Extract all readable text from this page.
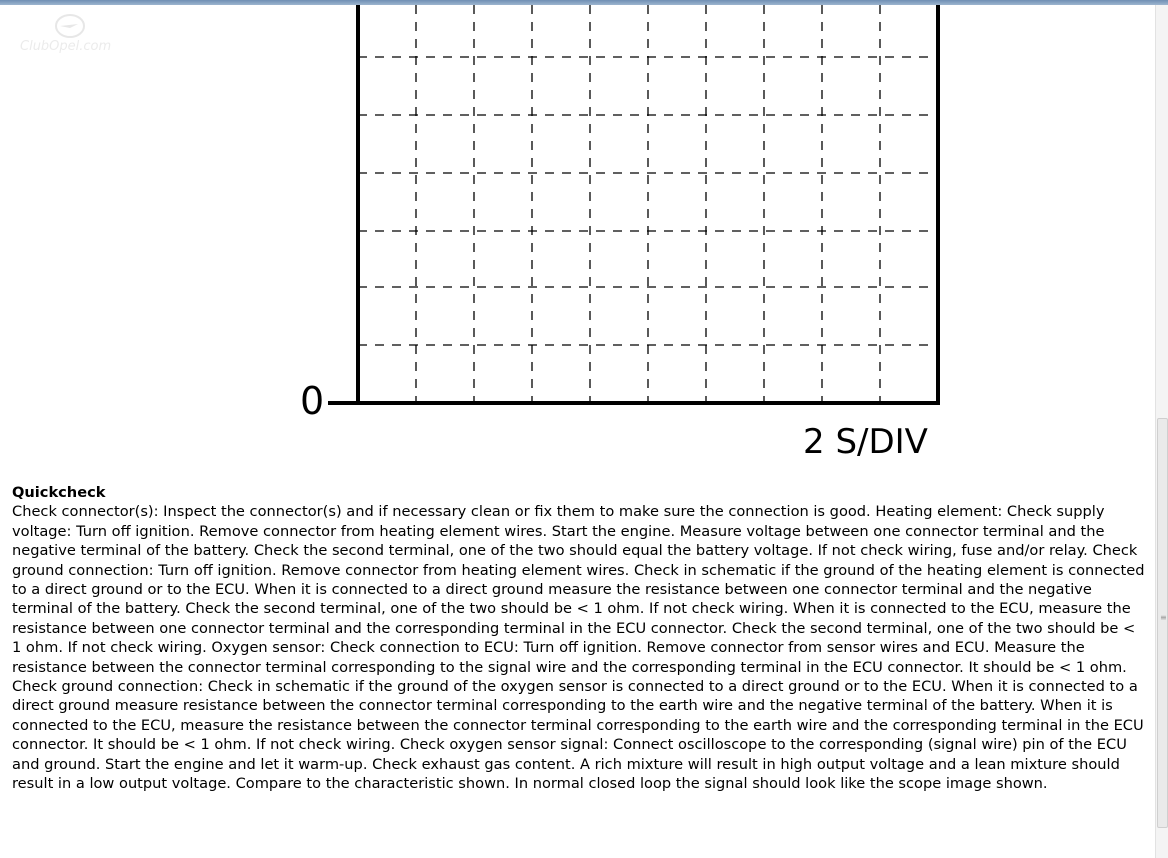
ClubOpel.com
0
2 S/DIV
Quickcheck
Check connector(s): Inspect the connector(s) and if necessary clean or fix them to make sure the connection is good. Heating element: Check supply voltage: Turn off ignition. Remove connector from heating element wires. Start the engine. Measure voltage between one connector terminal and the negative terminal of the battery. Check the second terminal, one of the two should equal the battery voltage. If not check wiring, fuse and/or relay. Check ground connection: Turn off ignition. Remove connector from heating element wires. Check in schematic if the ground of the heating element is connected to a direct ground or to the ECU. When it is connected to a direct ground measure the resistance between one connector terminal and the negative terminal of the battery. Check the second terminal, one of the two should be < 1 ohm. If not check wiring. When it is connected to the ECU, measure the resistance between one connector terminal and the corresponding terminal in the ECU connector. Check the second terminal, one of the two should be < 1 ohm. If not check wiring. Oxygen sensor: Check connection to ECU: Turn off ignition. Remove connector from sensor wires and ECU. Measure the resistance between the connector terminal corresponding to the signal wire and the corresponding terminal in the ECU connector. It should be < 1 ohm. Check ground connection: Check in schematic if the ground of the oxygen sensor is connected to a direct ground or to the ECU. When it is connected to a direct ground measure resistance between the connector terminal corresponding to the earth wire and the negative terminal of the battery. When it is connected to the ECU, measure the resistance between the connector terminal corresponding to the earth wire and the corresponding terminal in the ECU connector. It should be < 1 ohm. If not check wiring. Check oxygen sensor signal: Connect oscilloscope to the corresponding (signal wire) pin of the ECU and ground. Start the engine and let it warm-up. Check exhaust gas content. A rich mixture will result in high output voltage and a lean mixture should result in a low output voltage. Compare to the characteristic shown. In normal closed loop the signal should look like the scope image shown.
≡
